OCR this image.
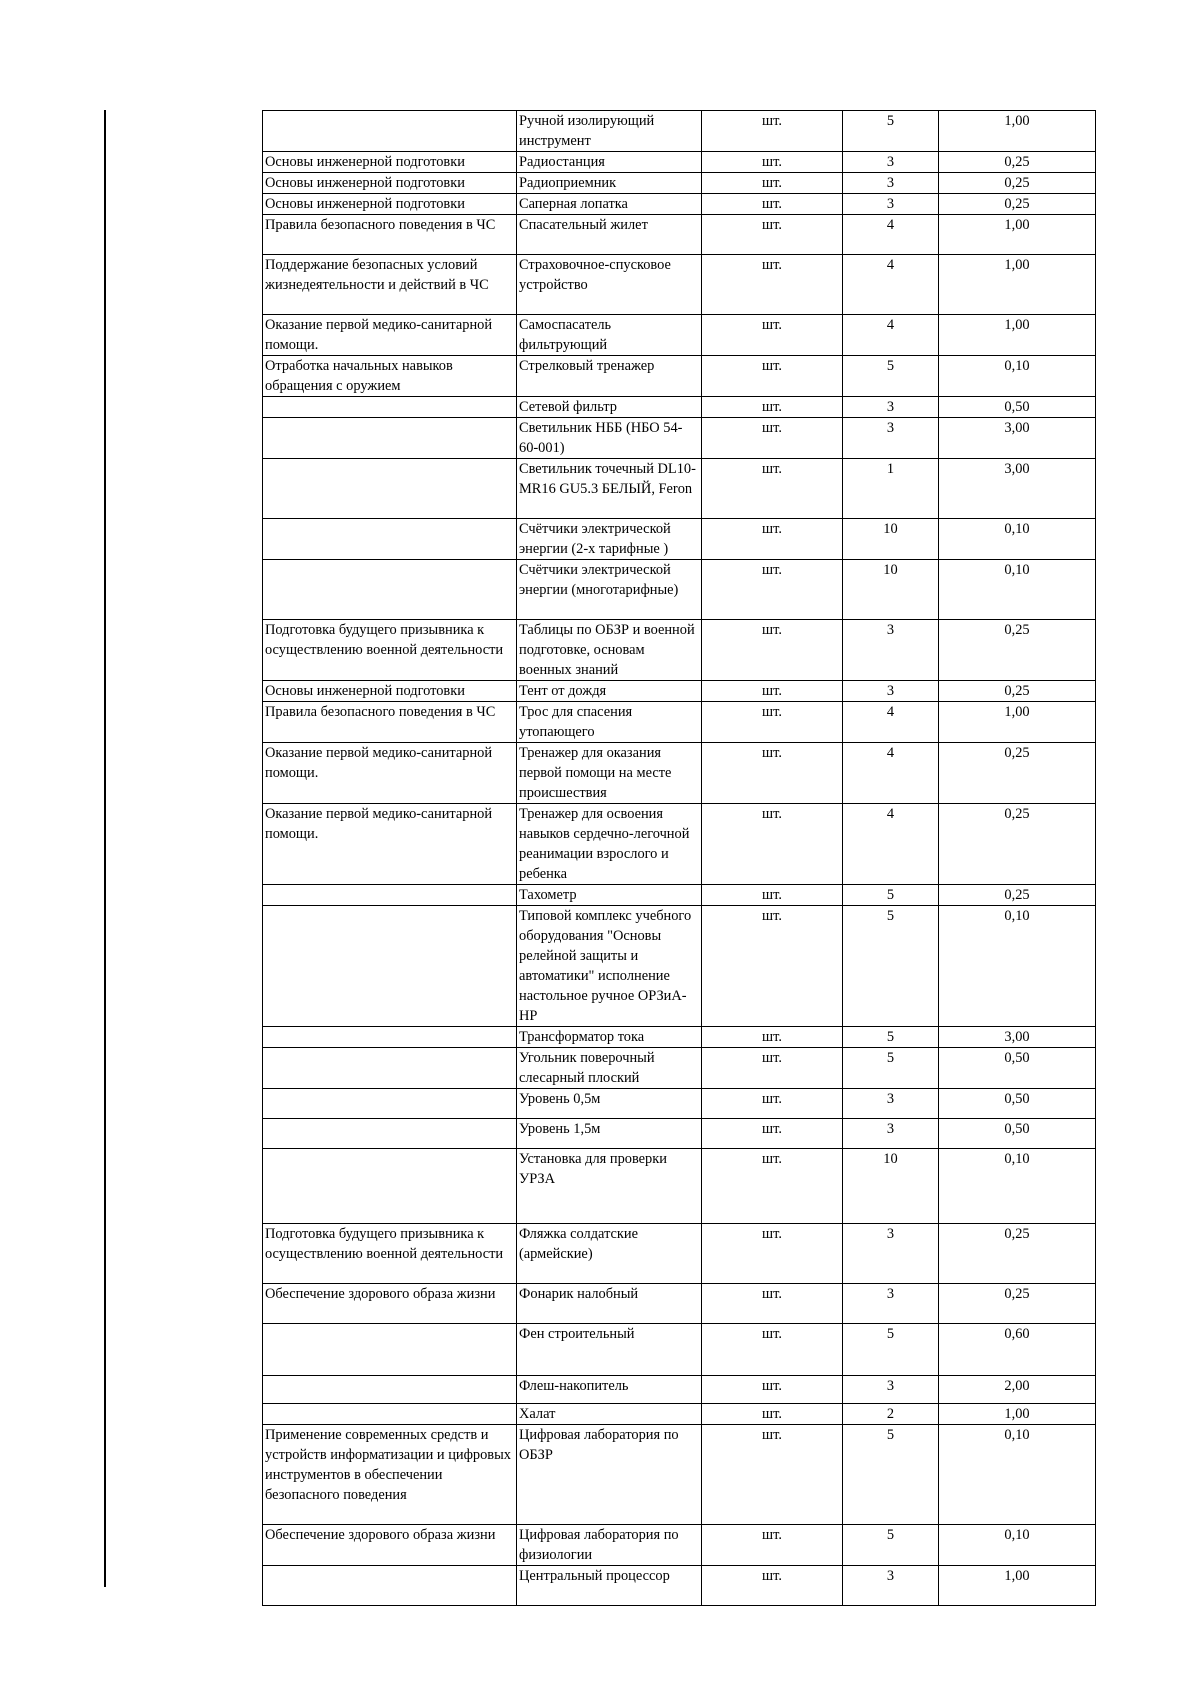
	Ручной изолирующий инструмент	шт.	5	1,00
Основы инженерной подготовки	Радиостанция	шт.	3	0,25
Основы инженерной подготовки	Радиоприемник	шт.	3	0,25
Основы инженерной подготовки	Саперная лопатка	шт.	3	0,25
Правила безопасного поведения в ЧС	Спасательный жилет	шт.	4	1,00
Поддержание безопасных условий жизнедеятельности и действий в ЧС	Страховочное-спусковое устройство	шт.	4	1,00
Оказание первой медико-санитарной помощи.	Самоспасатель фильтрующий	шт.	4	1,00
Отработка начальных навыков обращения с оружием	Стрелковый тренажер	шт.	5	0,10
	Сетевой фильтр	шт.	3	0,50
	Светильник НББ (НБО 54-60-001)	шт.	3	3,00
	Светильник точечный DL10-MR16 GU5.3 БЕЛЫЙ, Feron	шт.	1	3,00
	Счётчики электрической энергии (2-х тарифные )	шт.	10	0,10
	Счётчики электрической энергии (многотарифные)	шт.	10	0,10
Подготовка будущего призывника к осуществлению военной деятельности	Таблицы по ОБЗР и военной подготовке, основам военных знаний	шт.	3	0,25
Основы инженерной подготовки	Тент от дождя	шт.	3	0,25
Правила безопасного поведения в ЧС	Трос для спасения утопающего	шт.	4	1,00
Оказание первой медико-санитарной помощи.	Тренажер для оказания первой помощи на месте происшествия	шт.	4	0,25
Оказание первой медико-санитарной помощи.	Тренажер для освоения навыков сердечно-легочной реанимации взрослого и ребенка	шт.	4	0,25
	Тахометр	шт.	5	0,25
	Типовой комплекс учебного оборудования "Основы релейной защиты и автоматики" исполнение настольное ручное ОРЗиА-НР	шт.	5	0,10
	Трансформатор тока	шт.	5	3,00
	Угольник поверочный слесарный плоский	шт.	5	0,50
	Уровень 0,5м	шт.	3	0,50
	Уровень 1,5м	шт.	3	0,50
	Установка для проверки УРЗА	шт.	10	0,10
Подготовка будущего призывника к осуществлению военной деятельности	Фляжка солдатские (армейские)	шт.	3	0,25
Обеспечение здорового образа жизни	Фонарик налобный	шт.	3	0,25
	Фен строительный	шт.	5	0,60
	Флеш-накопитель	шт.	3	2,00
	Халат	шт.	2	1,00
Применение современных средств и устройств информатизации и цифровых инструментов в обеспечении безопасного поведения	Цифровая лаборатория по ОБЗР	шт.	5	0,10
Обеспечение здорового образа жизни	Цифровая лаборатория по физиологии	шт.	5	0,10
	Центральный процессор	шт.	3	1,00
